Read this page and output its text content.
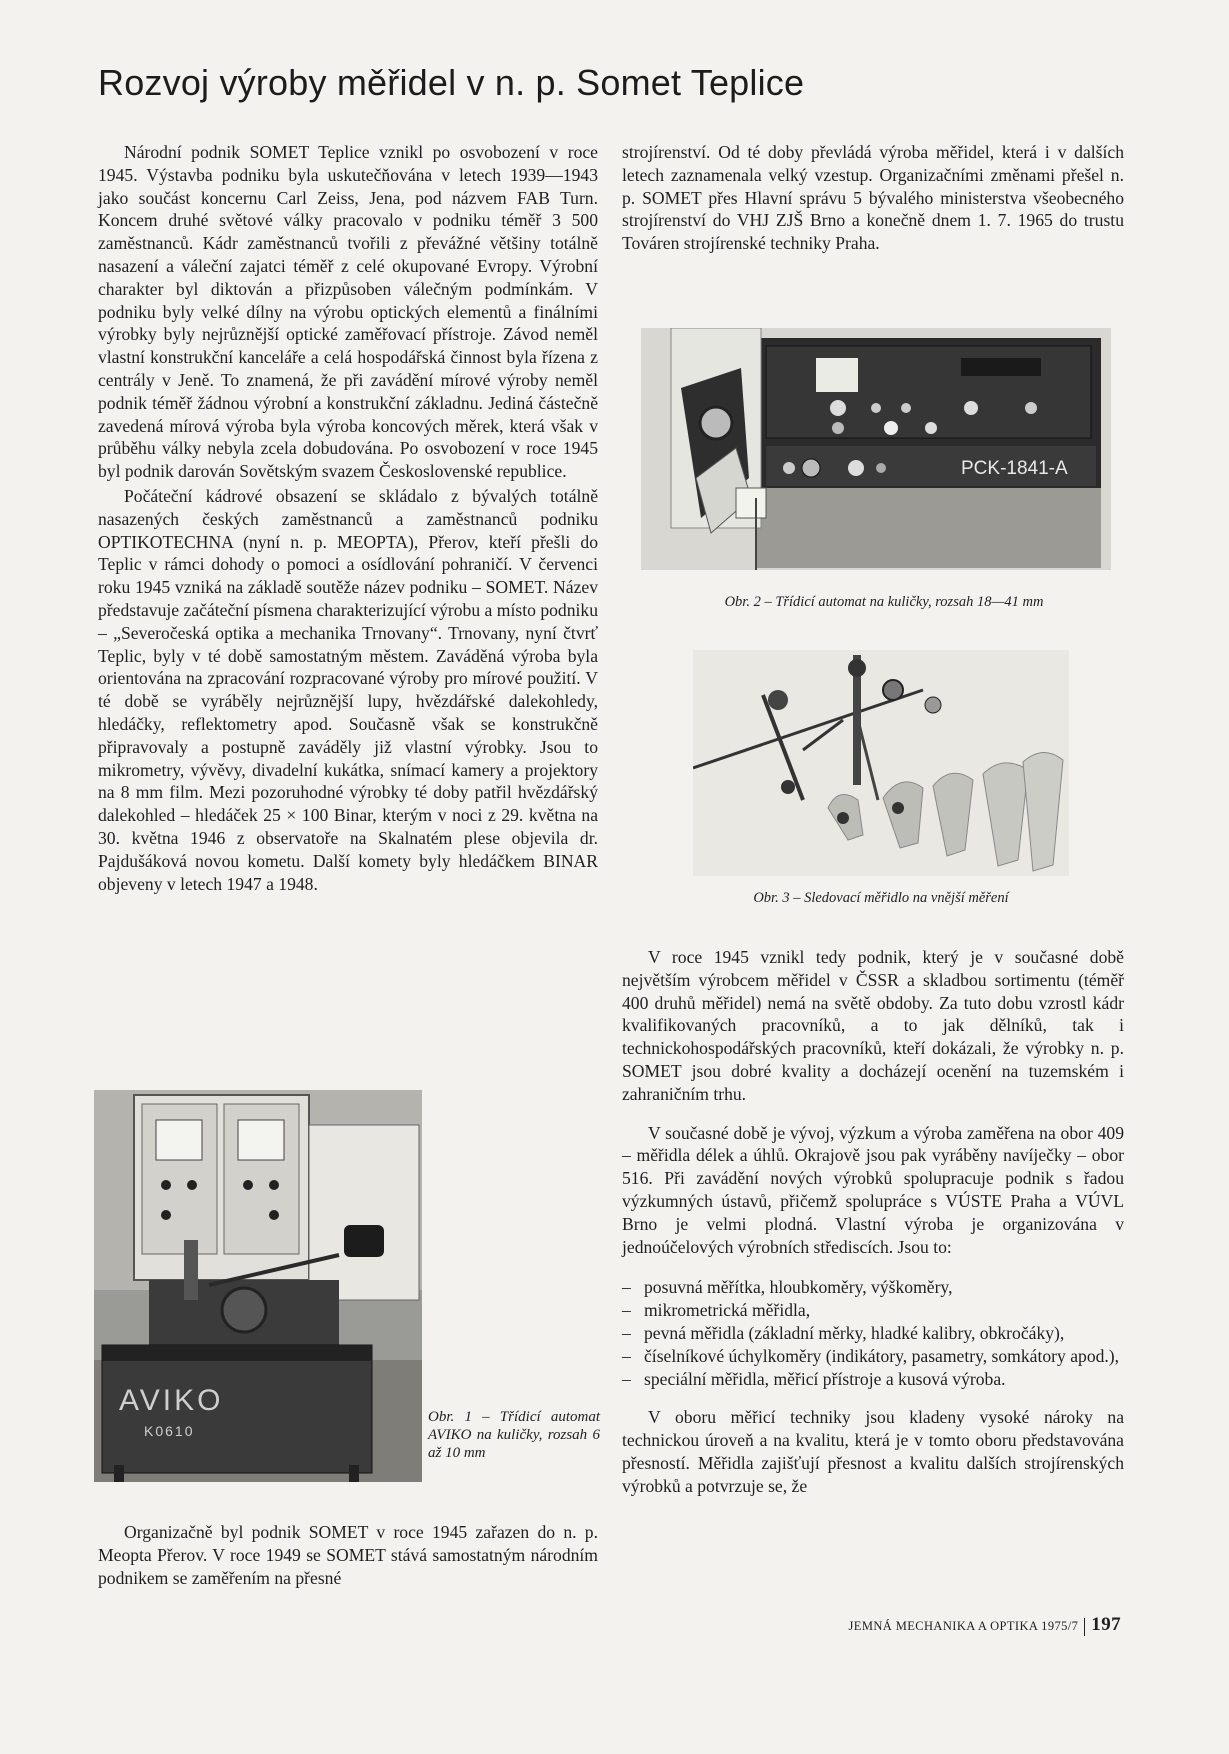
Rozvoj výroby měřidel v n. p. Somet Teplice

Národní podnik SOMET Teplice vznikl po osvobození v roce 1945. Výstavba podniku byla uskutečňována v letech 1939—1943 jako součást koncernu Carl Zeiss, Jena, pod názvem FAB Turn. Koncem druhé světové války pracovalo v podniku téměř 3 500 zaměstnanců. Kádr zaměstnanců tvořili z převážné většiny totálně nasazení a váleční zajatci téměř z celé okupované Evropy. Výrobní charakter byl diktován a přizpůsoben válečným podmínkám. V podniku byly velké dílny na výrobu optických elementů a finálními výrobky byly nejrůznější optické zaměřovací přístroje. Závod neměl vlastní konstrukční kanceláře a celá hospodářská činnost byla řízena z centrály v Jeně. To znamená, že při zavádění mírové výroby neměl podnik téměř žádnou výrobní a konstrukční základnu. Jediná částečně zavedená mírová výroba byla výroba koncových měrek, která však v průběhu války nebyla zcela dobudována. Po osvobození v roce 1945 byl podnik darován Sovětským svazem Československé republice.

Počáteční kádrové obsazení se skládalo z bývalých totálně nasazených českých zaměstnanců a zaměstnanců podniku OPTIKOTECHNA (nyní n. p. MEOPTA), Přerov, kteří přešli do Teplic v rámci dohody o pomoci a osídlování pohraničí. V červenci roku 1945 vzniká na základě soutěže název podniku – SOMET. Název představuje začáteční písmena charakterizující výrobu a místo podniku – „Severočeská optika a mechanika Trnovany“. Trnovany, nyní čtvrť Teplic, byly v té době samostatným městem. Zaváděná výroba byla orientována na zpracování rozpracované výroby pro mírové použití. V té době se vyráběly nejrůznější lupy, hvězdářské dalekohledy, hledáčky, reflektometry apod. Současně však se konstrukčně připravovaly a postupně zaváděly již vlastní výrobky. Jsou to mikrometry, vývěvy, divadelní kukátka, snímací kamery a projektory na 8 mm film. Mezi pozoruhodné výrobky té doby patřil hvězdářský dalekohled – hledáček 25 × 100 Binar, kterým v noci z 29. května na 30. května 1946 z observatoře na Skalnatém plese objevila dr. Pajdušáková novou kometu. Další komety byly hledáčkem BINAR objeveny v letech 1947 a 1948.

AVIKO
K0610
Obr. 1 – Třídicí automat AVIKO na kuličky, rozsah 6 až 10 mm

Organizačně byl podnik SOMET v roce 1945 zařazen do n. p. Meopta Přerov. V roce 1949 se SOMET stává samostatným národním podnikem se zaměřením na přesné

strojírenství. Od té doby převládá výroba měřidel, která i v dalších letech zaznamenala velký vzestup. Organizačními změnami přešel n. p. SOMET přes Hlavní správu 5 bývalého ministerstva všeobecného strojírenství do VHJ ZJŠ Brno a konečně dnem 1. 7. 1965 do trustu Továren strojírenské techniky Praha.

PCK-1841-A
Obr. 2 – Třídicí automat na kuličky, rozsah 18—41 mm
Obr. 3 – Sledovací měřidlo na vnější měření

V roce 1945 vznikl tedy podnik, který je v současné době největším výrobcem měřidel v ČSSR a skladbou sortimentu (téměř 400 druhů měřidel) nemá na světě obdoby. Za tuto dobu vzrostl kádr kvalifikovaných pracovníků, a to jak dělníků, tak i technickohospodářských pracovníků, kteří dokázali, že výrobky n. p. SOMET jsou dobré kvality a docházejí ocenění na tuzemském i zahraničním trhu.

V současné době je vývoj, výzkum a výroba zaměřena na obor 409 – měřidla délek a úhlů. Okrajově jsou pak vyráběny navíječky – obor 516. Při zavádění nových výrobků spolupracuje podnik s řadou výzkumných ústavů, přičemž spolupráce s VÚSTE Praha a VÚVL Brno je velmi plodná. Vlastní výroba je organizována v jednoúčelových výrobních střediscích. Jsou to:

– posuvná měřítka, hloubkoměry, výškoměry,
– mikrometrická měřidla,
– pevná měřidla (základní měrky, hladké kalibry, obkročáky),
– číselníkové úchylkoměry (indikátory, pasametry, somkátory apod.),
– speciální měřidla, měřicí přístroje a kusová výroba.

V oboru měřicí techniky jsou kladeny vysoké nároky na technickou úroveň a na kvalitu, která je v tomto oboru představována přesností. Měřidla zajišťují přesnost a kvalitu dalších strojírenských výrobků a potvrzuje se, že

JEMNÁ MECHANIKA A OPTIKA 1975/7 197
